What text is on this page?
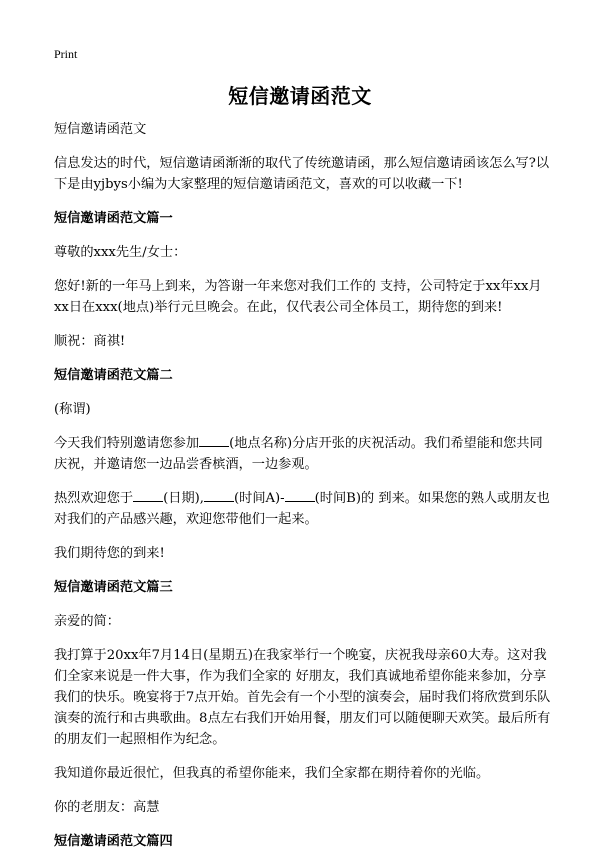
Print
短信邀请函范文

短信邀请函范文

信息发达的时代，短信邀请函渐渐的取代了传统邀请函，那么短信邀请函该怎么写?以下是由yjbys小编为大家整理的短信邀请函范文，喜欢的可以收藏一下!

短信邀请函范文篇一

尊敬的xxx先生/女士：

您好!新的一年马上到来，为答谢一年来您对我们工作的 支持，公司特定于xx年xx月xx日在xxx(地点)举行元旦晚会。在此，仅代表公司全体员工，期待您的到来!

顺祝：商祺!

短信邀请函范文篇二

(称谓)

今天我们特别邀请您参加 (地点名称)分店开张的庆祝活动。我们希望能和您共同庆祝，并邀请您一边品尝香槟酒，一边参观。

热烈欢迎您于 (日期), (时间A)- (时间B)的 到来。如果您的熟人或朋友也对我们的产品感兴趣，欢迎您带他们一起来。

我们期待您的到来!

短信邀请函范文篇三

亲爱的简：

我打算于20xx年7月14日(星期五)在我家举行一个晚宴，庆祝我母亲60大寿。这对我们全家来说是一件大事，作为我们全家的 好朋友，我们真诚地希望你能来参加，分享我们的快乐。晚宴将于7点开始。首先会有一个小型的演奏会，届时我们将欣赏到乐队演奏的流行和古典歌曲。8点左右我们开始用餐，朋友们可以随便聊天欢笑。最后所有的朋友们一起照相作为纪念。

我知道你最近很忙，但我真的希望你能来，我们全家都在期待着你的光临。

你的老朋友：高慧

短信邀请函范文篇四
